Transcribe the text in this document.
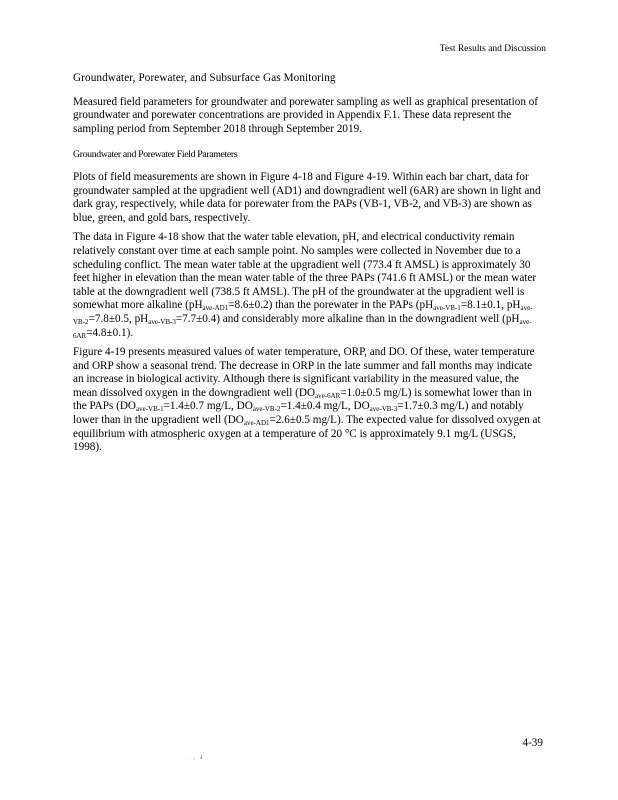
Test Results and Discussion
Groundwater, Porewater, and Subsurface Gas Monitoring

Measured field parameters for groundwater and porewater sampling as well as graphical presentation of groundwater and porewater concentrations are provided in Appendix F.1. These data represent the sampling period from September 2018 through September 2019.

Groundwater and Porewater Field Parameters

Plots of field measurements are shown in Figure 4-18 and Figure 4-19. Within each bar chart, data for groundwater sampled at the upgradient well (AD1) and downgradient well (6AR) are shown in light and dark gray, respectively, while data for porewater from the PAPs (VB-1, VB-2, and VB-3) are shown as blue, green, and gold bars, respectively.

The data in Figure 4-18 show that the water table elevation, pH, and electrical conductivity remain relatively constant over time at each sample point. No samples were collected in November due to a scheduling conflict. The mean water table at the upgradient well (773.4 ft AMSL) is approximately 30 feet higher in elevation than the mean water table of the three PAPs (741.6 ft AMSL) or the mean water table at the downgradient well (738.5 ft AMSL). The pH of the groundwater at the upgradient well is somewhat more alkaline $(pH_{ave-AD1}=8.6\pm 0.2)$ than the porewater in the PAPs ($pH_{ave-VB-1}=8.1\pm 0.1$, $pH_{ave-VB-2}=7.8\pm 0.5$, $pH_{ave-VB-3}=7.7\pm 0.4$) and considerably more alkaline than in the downgradient well $(pH_{ave-6AR}=4.8\pm 0.1)$.

Figure 4-19 presents measured values of water temperature, ORP, and DO. Of these, water temperature and ORP show a seasonal trend. The decrease in ORP in the late summer and fall months may indicate an increase in biological activity. Although there is significant variability in the measured value, the mean dissolved oxygen in the downgradient well ($DO_{ave-6AR}=1.0\pm 0.5$ mg/L) is somewhat lower than in the PAPs ($DO_{ave-VB-1}=1.4\pm 0.7$ mg/L, $DO_{ave-VB-2}=1.4\pm 0.4$ mg/L, $DO_{ave-VB-3}=1.7\pm 0.3$ mg/L) and notably lower than in the upgradient well ($DO_{ave-AD1}=2.6\pm 0.5$ mg/L). The expected value for dissolved oxygen at equilibrium with atmospheric oxygen at a temperature of 20 °C is approximately 9.1 mg/L (USGS, 1998).

4-39
. , 4
